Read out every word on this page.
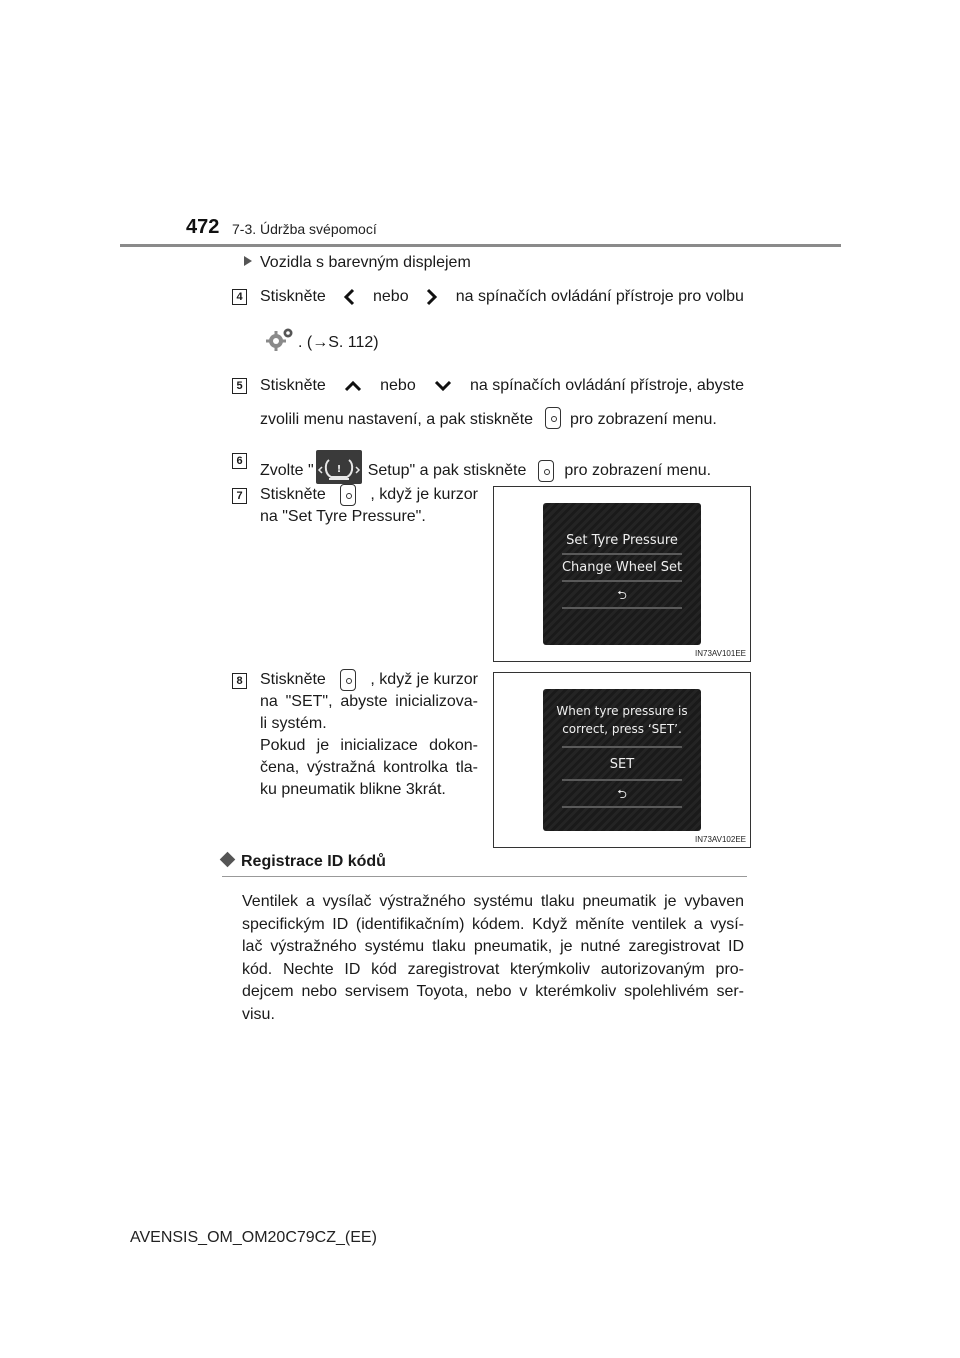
472 7-3. Údržba svépomocí
Vozidla s barevným displejem
4 Stiskněte	nebo	na spínačích ovládání přístroje pro volbu
. (→S. 112)
5 Stiskněte	nebo	na spínačích ovládání přístroje, abyste
zvolili menu nastavení, a pak stiskněte pro zobrazení menu.
6
Zvolte " ! Setup" a pak stiskněte pro zobrazení menu.
7 Stiskněte	, když je kurzor
na "Set Tyre Pressure".
Set Tyre Pressure
Change Wheel Set
⮌
IN73AV101EE
8 Stiskněte	, když je kurzor
na "SET", abyste inicializova-
li systém.
Pokud je inicializace dokon-
čena, výstražná kontrolka tla-
ku pneumatik blikne 3krát.
When tyre pressure is
correct, press ‘SET’.
SET
⮌
IN73AV102EE
Registrace ID kódů
Ventilek a vysílač výstražného systému tlaku pneumatik je vybaven
specifickým ID (identifikačním) kódem. Když měníte ventilek a vysí-
lač výstražného systému tlaku pneumatik, je nutné zaregistrovat ID
kód. Nechte ID kód zaregistrovat kterýmkoliv autorizovaným pro-
dejcem nebo servisem Toyota, nebo v kterémkoliv spolehlivém ser-
visu.
AVENSIS_OM_OM20C79CZ_(EE)
